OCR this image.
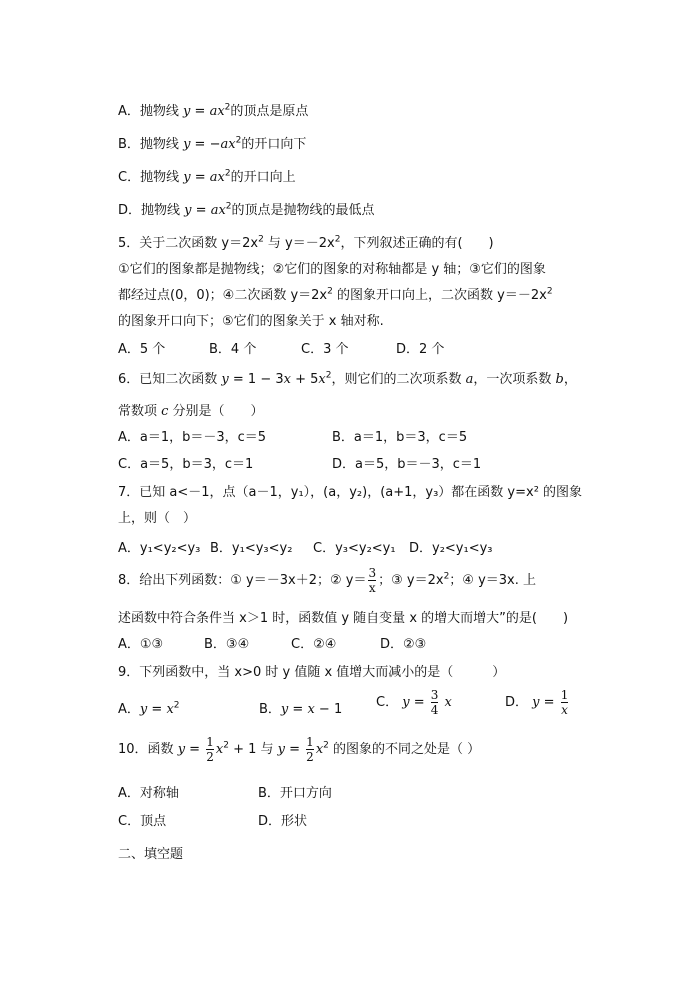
A．抛物线 $y = ax^2$的顶点是原点
B．抛物线 $y = -ax^2$的开口向下
C．抛物线 $y = ax^2$的开口向上
D．抛物线 $y = ax^2$的顶点是抛物线的最低点
5．关于二次函数 $y=2x^2$ 与 $y=-2x^2$，下列叙述正确的有(　　)
①它们的图象都是抛物线；②它们的图象的对称轴都是 y 轴；③它们的图象
都经过点(0，0)；④二次函数 $y=2x^2$ 的图象开口向上，二次函数 $y=-2x^2$
的图象开口向下；⑤它们的图象关于 x 轴对称.
A．5 个	B．4 个	C．3 个	D．2 个
6．已知二次函数 $y = 1 - 3x + 5x^2$，则它们的二次项系数 a，一次项系数 b，
常数项 c 分别是（　　）
A．a＝1，b＝－3，c＝5	B．a＝1，b＝3，c＝5
C．a＝5，b＝3，c＝1	D．a＝5，b＝－3，c＝1
7．已知 a<－1，点（a－1，y₁），(a，y₂)，(a+1，y₃）都在函数 y=x² 的图象
上，则（　）
A．y₁<y₂<y₃ B．y₁<y₃<y₂ C．y₃<y₂<y₁ D．y₂<y₁<y₃
8．给出下列函数：① y＝－3x＋2；② $y= \frac{3}{x}$ ；③ $y=2x^2$；④ y＝3x. 上
述函数中符合条件当 x＞1 时，函数值 y 随自变量 x 的增大而增大”的是(　　)
A．①③	B．③④	C．②④	D．②③
9．下列函数中，当 x>0 时 y 值随 x 值增大而减小的是（　　　）
A．$y = x^2$	B．y = x − 1	C． $y = \frac{3}{4}$ x	D． $y = \frac{1}{x}$
10．函数 $y = \frac{1}{2} x^2 + 1$ 与 $y = \frac{1}{2} x^2$ 的图象的不同之处是（ ）
A．对称轴	B．开口方向
C．顶点	D．形状
二、填空题
